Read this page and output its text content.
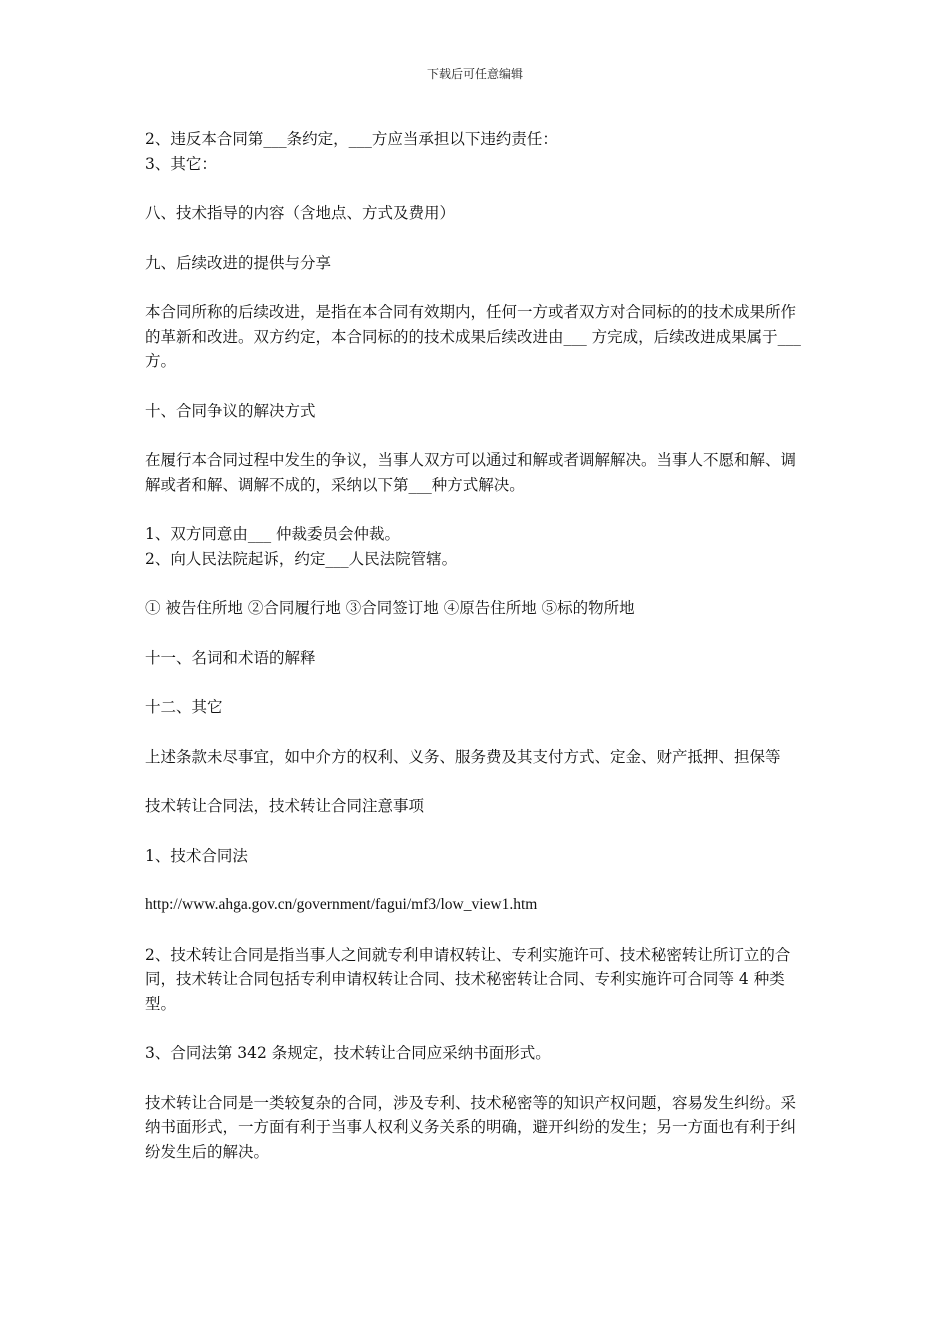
下载后可任意编辑

2、违反本合同第___条约定，___方应当承担以下违约责任：

3、其它：

八、技术指导的内容（含地点、方式及费用）

九、后续改进的提供与分享

本合同所称的后续改进，是指在本合同有效期内，任何一方或者双方对合同标的的技术成果所作的革新和改进。双方约定，本合同标的的技术成果后续改进由___ 方完成，后续改进成果属于___方。

十、合同争议的解决方式

在履行本合同过程中发生的争议，当事人双方可以通过和解或者调解解决。当事人不愿和解、调解或者和解、调解不成的，采纳以下第___种方式解决。

1、双方同意由___ 仲裁委员会仲裁。

2、向人民法院起诉，约定___人民法院管辖。

① 被告住所地 ②合同履行地 ③合同签订地 ④原告住所地 ⑤标的物所地

十一、名词和术语的解释

十二、其它

上述条款未尽事宜，如中介方的权利、义务、服务费及其支付方式、定金、财产抵押、担保等

技术转让合同法，技术转让合同注意事项

1、技术合同法

http://www.ahga.gov.cn/government/fagui/mf3/low_view1.htm

2、技术转让合同是指当事人之间就专利申请权转让、专利实施许可、技术秘密转让所订立的合同，技术转让合同包括专利申请权转让合同、技术秘密转让合同、专利实施许可合同等 4 种类型。

3、合同法第 342 条规定，技术转让合同应采纳书面形式。

技术转让合同是一类较复杂的合同，涉及专利、技术秘密等的知识产权问题，容易发生纠纷。采纳书面形式，一方面有利于当事人权利义务关系的明确，避开纠纷的发生；另一方面也有利于纠纷发生后的解决。
